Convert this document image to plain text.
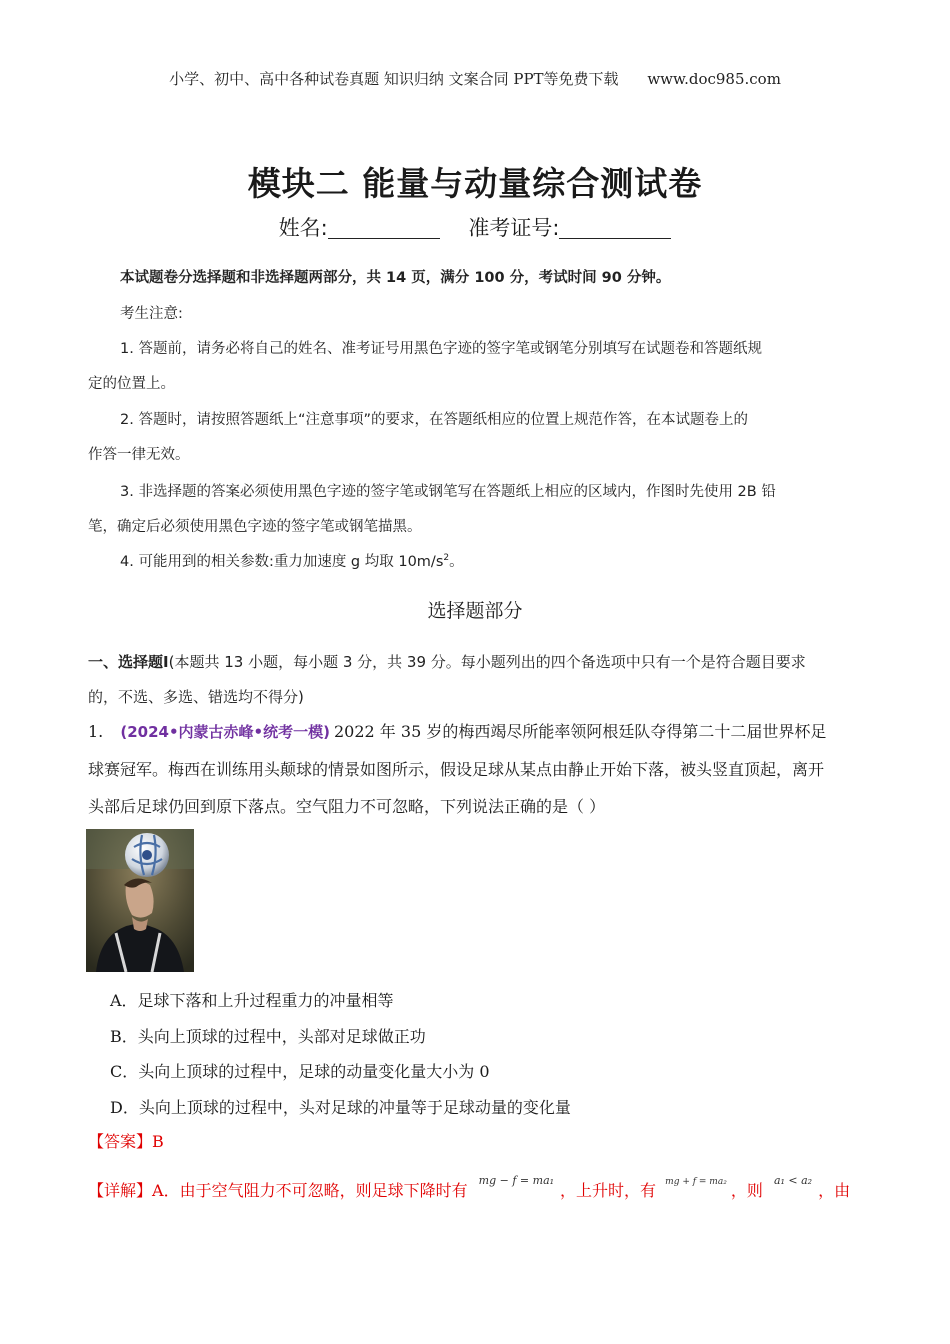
小学、初中、高中各种试卷真题 知识归纳 文案合同 PPT等免费下载 www.doc985.com
模块二 能量与动量综合测试卷
姓名:	准考证号:
本试题卷分选择题和非选择题两部分，共 14 页，满分 100 分，考试时间 90 分钟。
考生注意:
1. 答题前，请务必将自己的姓名、准考证号用黑色字迹的签字笔或钢笔分别填写在试题卷和答题纸规
定的位置上。
2. 答题时，请按照答题纸上“注意事项”的要求，在答题纸相应的位置上规范作答，在本试题卷上的
作答一律无效。
3. 非选择题的答案必须使用黑色字迹的签字笔或钢笔写在答题纸上相应的区域内，作图时先使用 2B 铅
笔，确定后必须使用黑色字迹的签字笔或钢笔描黑。
4. 可能用到的相关参数:重力加速度 g 均取 $10m/s^2$。
选择题部分
一、选择题Ⅰ(本题共 13 小题，每小题 3 分，共 39 分。每小题列出的四个备选项中只有一个是符合题目要求
的，不选、多选、错选均不得分)
1. (2024•内蒙古赤峰•统考一模) 2022 年 35 岁的梅西竭尽所能率领阿根廷队夺得第二十二届世界杯足
球赛冠军。梅西在训练用头颠球的情景如图所示，假设足球从某点由静止开始下落，被头竖直顶起，离开
头部后足球仍回到原下落点。空气阻力不可忽略，下列说法正确的是（ ）
A．足球下落和上升过程重力的冲量相等
B．头向上顶球的过程中，头部对足球做正功
C．头向上顶球的过程中，足球的动量变化量大小为 0
D．头向上顶球的过程中，头对足球的冲量等于足球动量的变化量
【答案】B
【详解】A．由于空气阻力不可忽略，则足球下降时有 $^{mg - f = ma_1}$，上升时，有 $^{mg + f = ma_2}$ ，则 $^{a_1 < a_2}$，由
